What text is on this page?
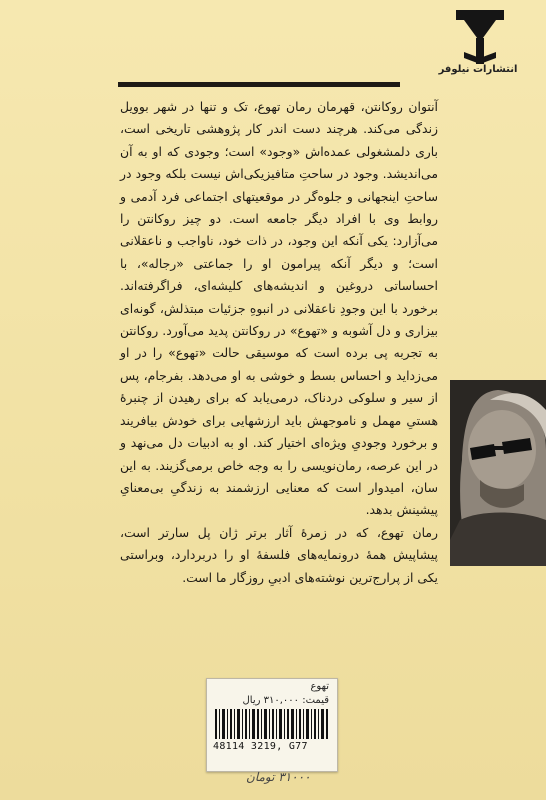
انتشارات نیلوفر

آنتوان روکانتن، قهرمان رمان تهوع، تک و تنها در شهر بوویل زندگی می‌کند. هرچند دست اندر کار پژوهشی تاریخی است، باری دلمشغولی عمده‌اش «وجود» است؛ وجودی که او به آن می‌اندیشد. وجود در ساحتِ متافیزیکی‌اش نیست بلکه وجود در ساحتِ اینجهانی و جلوه‌گر در موقعیتهای اجتماعی فرد آدمی و روابط وی با افراد دیگر جامعه است. دو چیز روکانتن را می‌آزارد: یکی آنکه این وجود، در ذات خود، ناواجب و ناعقلانی است؛ و دیگر آنکه پیرامون او را جماعتی «رجاله»، با احساساتی دروغین و اندیشه‌های کلیشه‌ای، فراگرفته‌اند. برخورد با این وجودِ ناعقلانی در انبوهِ جزئیات مبتذلش، گونه‌ای بیزاری و دل آشوبه و «تهوع» در روکانتن پدید می‌آورد. روکانتن به تجربه پی برده است که موسیقی حالت «تهوع» را در او می‌زداید و احساس بسط و خوشی به او می‌دهد. بفرجام، پس از سیر و سلوکی دردناک، درمی‌یابد که برای رهیدن از چنبرهٔ هستیِ مهمل و ناموجهش باید ارزشهایی برای خودش بیافریند و برخورد وجودیِ ویژه‌ای اختیار کند. او به ادبیات دل می‌نهد و در این عرصه، رمان‌نویسی را به وجه خاص برمی‌گزیند. به این سان، امیدوار است که معنایی ارزشمند به زندگیِ بی‌معنایِ پیشینش بدهد.

رمان تهوع، که در زمرهٔ آثار برتر ژان پل سارتر است، پیشاپیش همهٔ درونمایه‌های فلسفهٔ او را دربردارد، وبراستی یکی از پرارج‌ترین نوشته‌های ادبیِ روزگار ما است.

تهوع
قیمت: ۳۱۰,۰۰۰ ریال
48114 3219, G77
۳۱۰۰۰ تومان
